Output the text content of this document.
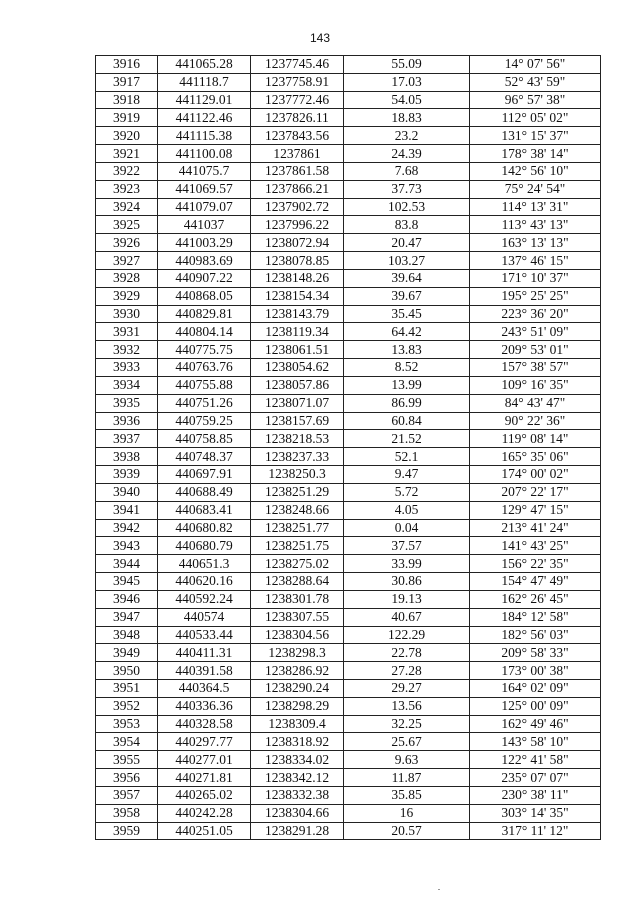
143
3916	441065.28	1237745.46	55.09	14° 07' 56"
3917	441118.7	1237758.91	17.03	52° 43' 59"
3918	441129.01	1237772.46	54.05	96° 57' 38"
3919	441122.46	1237826.11	18.83	112° 05' 02"
3920	441115.38	1237843.56	23.2	131° 15' 37"
3921	441100.08	1237861	24.39	178° 38' 14"
3922	441075.7	1237861.58	7.68	142° 56' 10"
3923	441069.57	1237866.21	37.73	75° 24' 54"
3924	441079.07	1237902.72	102.53	114° 13' 31"
3925	441037	1237996.22	83.8	113° 43' 13"
3926	441003.29	1238072.94	20.47	163° 13' 13"
3927	440983.69	1238078.85	103.27	137° 46' 15"
3928	440907.22	1238148.26	39.64	171° 10' 37"
3929	440868.05	1238154.34	39.67	195° 25' 25"
3930	440829.81	1238143.79	35.45	223° 36' 20"
3931	440804.14	1238119.34	64.42	243° 51' 09"
3932	440775.75	1238061.51	13.83	209° 53' 01"
3933	440763.76	1238054.62	8.52	157° 38' 57"
3934	440755.88	1238057.86	13.99	109° 16' 35"
3935	440751.26	1238071.07	86.99	84° 43' 47"
3936	440759.25	1238157.69	60.84	90° 22' 36"
3937	440758.85	1238218.53	21.52	119° 08' 14"
3938	440748.37	1238237.33	52.1	165° 35' 06"
3939	440697.91	1238250.3	9.47	174° 00' 02"
3940	440688.49	1238251.29	5.72	207° 22' 17"
3941	440683.41	1238248.66	4.05	129° 47' 15"
3942	440680.82	1238251.77	0.04	213° 41' 24"
3943	440680.79	1238251.75	37.57	141° 43' 25"
3944	440651.3	1238275.02	33.99	156° 22' 35"
3945	440620.16	1238288.64	30.86	154° 47' 49"
3946	440592.24	1238301.78	19.13	162° 26' 45"
3947	440574	1238307.55	40.67	184° 12' 58"
3948	440533.44	1238304.56	122.29	182° 56' 03"
3949	440411.31	1238298.3	22.78	209° 58' 33"
3950	440391.58	1238286.92	27.28	173° 00' 38"
3951	440364.5	1238290.24	29.27	164° 02' 09"
3952	440336.36	1238298.29	13.56	125° 00' 09"
3953	440328.58	1238309.4	32.25	162° 49' 46"
3954	440297.77	1238318.92	25.67	143° 58' 10"
3955	440277.01	1238334.02	9.63	122° 41' 58"
3956	440271.81	1238342.12	11.87	235° 07' 07"
3957	440265.02	1238332.38	35.85	230° 38' 11"
3958	440242.28	1238304.66	16	303° 14' 35"
3959	440251.05	1238291.28	20.57	317° 11' 12"
